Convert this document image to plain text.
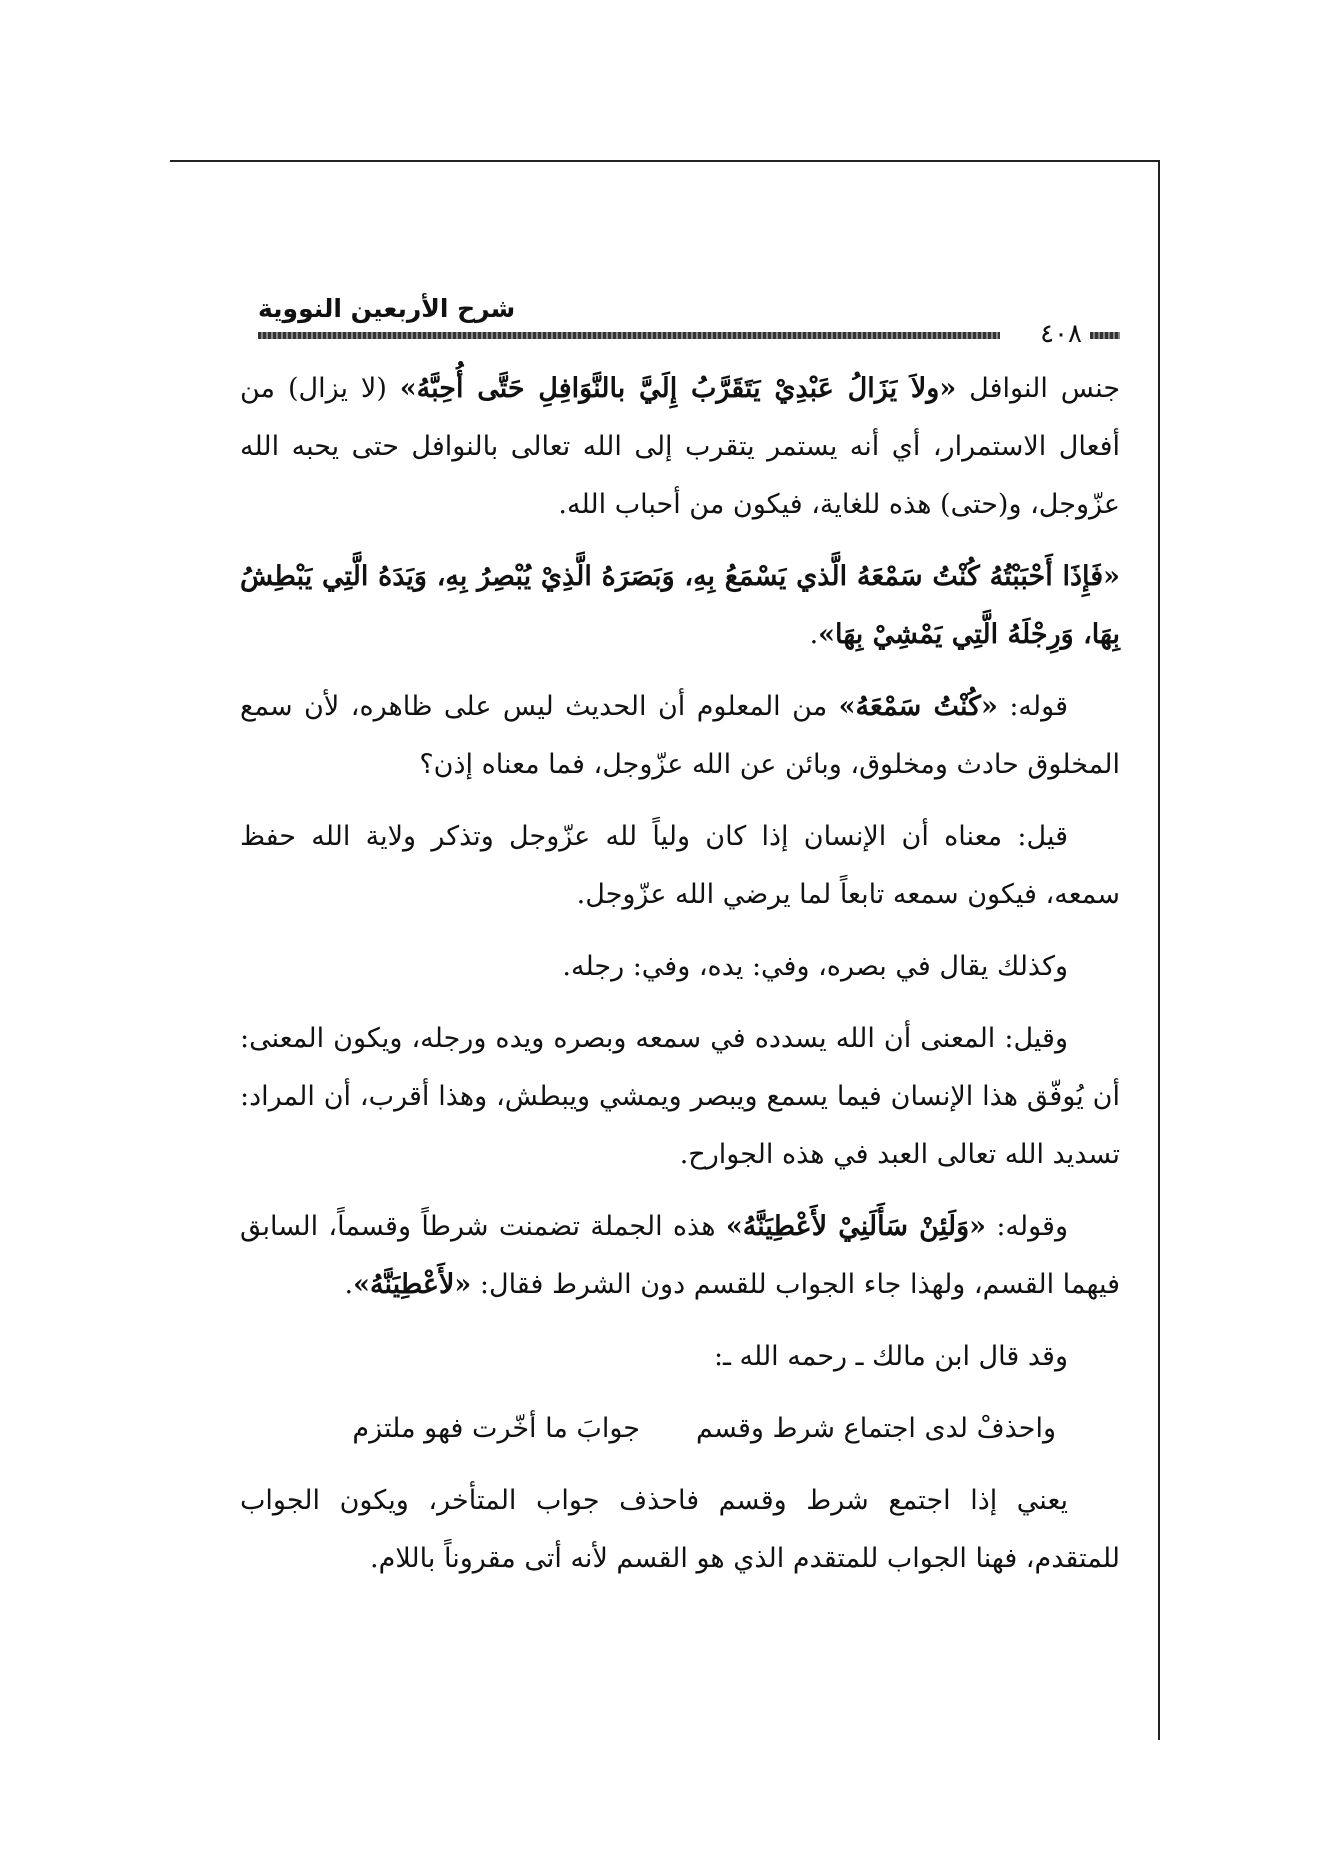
شرح الأربعين النووية
٤٠٨

جنس النوافل «ولاَ يَزَالُ عَبْدِيْ يَتَقَرَّبُ إِلَيَّ بالنَّوَافِلِ حَتَّى أُحِبَّهُ» (لا يزال) من أفعال الاستمرار، أي أنه يستمر يتقرب إلى الله تعالى بالنوافل حتى يحبه الله عزّوجل، و(حتى) هذه للغاية، فيكون من أحباب الله.

«فَإِذَا أَحْبَبْتُهُ كُنْتُ سَمْعَهُ الَّذي يَسْمَعُ بِهِ، وَبَصَرَهُ الَّذِيْ يُبْصِرُ بِهِ، وَيَدَهُ الَّتِي يَبْطِشُ بِهَا، وَرِجْلَهُ الَّتِي يَمْشِيْ بِهَا».

قوله: «كُنْتُ سَمْعَهُ» من المعلوم أن الحديث ليس على ظاهره، لأن سمع المخلوق حادث ومخلوق، وبائن عن الله عزّوجل، فما معناه إذن؟

قيل: معناه أن الإنسان إذا كان ولياً لله عزّوجل وتذكر ولاية الله حفظ سمعه، فيكون سمعه تابعاً لما يرضي الله عزّوجل.

وكذلك يقال في بصره، وفي: يده، وفي: رجله.

وقيل: المعنى أن الله يسدده في سمعه وبصره ويده ورجله، ويكون المعنى: أن يُوفّق هذا الإنسان فيما يسمع ويبصر ويمشي ويبطش، وهذا أقرب، أن المراد: تسديد الله تعالى العبد في هذه الجوارح.

وقوله: «وَلَئِنْ سَأَلَنِيْ لأَعْطِيَنَّهُ» هذه الجملة تضمنت شرطاً وقسماً، السابق فيهما القسم، ولهذا جاء الجواب للقسم دون الشرط فقال: «لأَعْطِيَنَّهُ».

وقد قال ابن مالك ـ رحمه الله ـ:

واحذفْ لدى اجتماع شرط وقسم
جوابَ ما أخّرت فهو ملتزم

يعني إذا اجتمع شرط وقسم فاحذف جواب المتأخر، ويكون الجواب للمتقدم، فهنا الجواب للمتقدم الذي هو القسم لأنه أتى مقروناً باللام.
